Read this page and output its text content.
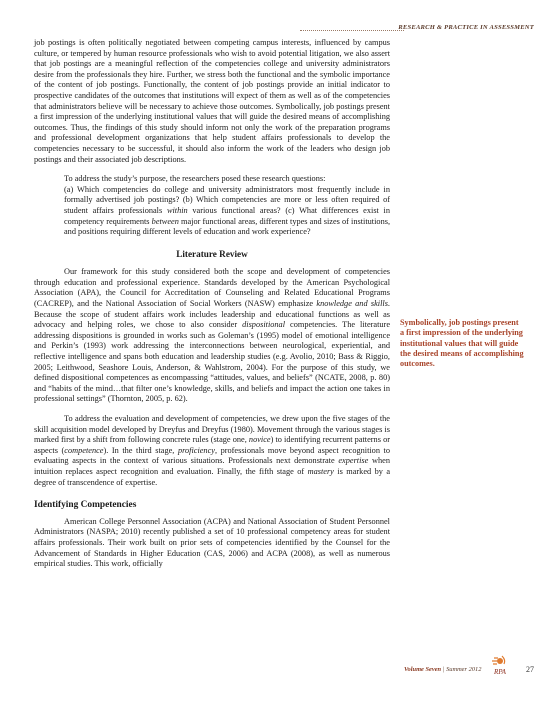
RESEARCH & PRACTICE IN ASSESSMENT

job postings is often politically negotiated between competing campus interests, influenced by campus culture, or tempered by human resource professionals who wish to avoid potential litigation, we also assert that job postings are a meaningful reflection of the competencies college and university administrators desire from the professionals they hire. Further, we stress both the functional and the symbolic importance of the content of job postings. Functionally, the content of job postings provide an initial indicator to prospective candidates of the outcomes that institutions will expect of them as well as of the competencies that administrators believe will be necessary to achieve those outcomes. Symbolically, job postings present a first impression of the underlying institutional values that will guide the desired means of accomplishing outcomes. Thus, the findings of this study should inform not only the work of the preparation programs and professional development organizations that help student affairs professionals to develop the competencies necessary to be successful, it should also inform the work of the leaders who design job postings and their associated job descriptions.

To address the study’s purpose, the researchers posed these research questions:

(a) Which competencies do college and university administrators most frequently include in formally advertised job postings? (b) Which competencies are more or less often required of student affairs professionals within various functional areas? (c) What differences exist in competency requirements between major functional areas, different types and sizes of institutions, and positions requiring different levels of education and work experience?

Literature Review

Our framework for this study considered both the scope and development of competencies through education and professional experience. Standards developed by the American Psychological Association (APA), the Council for Accreditation of Counseling and Related Educational Programs (CACREP), and the National Association of Social Workers (NASW) emphasize knowledge and skills. Because the scope of student affairs work includes leadership and educational functions as well as advocacy and helping roles, we chose to also consider dispositional competencies. The literature addressing dispositions is grounded in works such as Goleman’s (1995) model of emotional intelligence and Perkin’s (1993) work addressing the interconnections between neurological, experiential, and reflective intelligence and spans both education and leadership studies (e.g. Avolio, 2010; Bass & Riggio, 2005; Leithwood, Seashore Louis, Anderson, & Wahlstrom, 2004). For the purpose of this study, we defined dispositional competences as encompassing “attitudes, values, and beliefs” (NCATE, 2008, p. 80) and “habits of the mind…that filter one’s knowledge, skills, and beliefs and impact the action one takes in professional settings” (Thornton, 2005, p. 62).

To address the evaluation and development of competencies, we drew upon the five stages of the skill acquisition model developed by Dreyfus and Dreyfus (1980). Movement through the various stages is marked first by a shift from following concrete rules (stage one, novice) to identifying recurrent patterns or aspects (competence). In the third stage, proficiency, professionals move beyond aspect recognition to evaluating aspects in the context of various situations. Professionals next demonstrate expertise when intuition replaces aspect recognition and evaluation. Finally, the fifth stage of mastery is marked by a degree of transcendence of expertise.

Identifying Competencies

American College Personnel Association (ACPA) and National Association of Student Personnel Administrators (NASPA; 2010) recently published a set of 10 professional competency areas for student affairs professionals. Their work built on prior sets of competencies identified by the Counsel for the Advancement of Standards in Higher Education (CAS, 2006) and ACPA (2008), as well as numerous empirical studies. This work, officially

Symbolically, job postings present a first impression of the underlying institutional values that will guide the desired means of accomplishing outcomes.
Volume Seven | Summer 2012 RPA	27
